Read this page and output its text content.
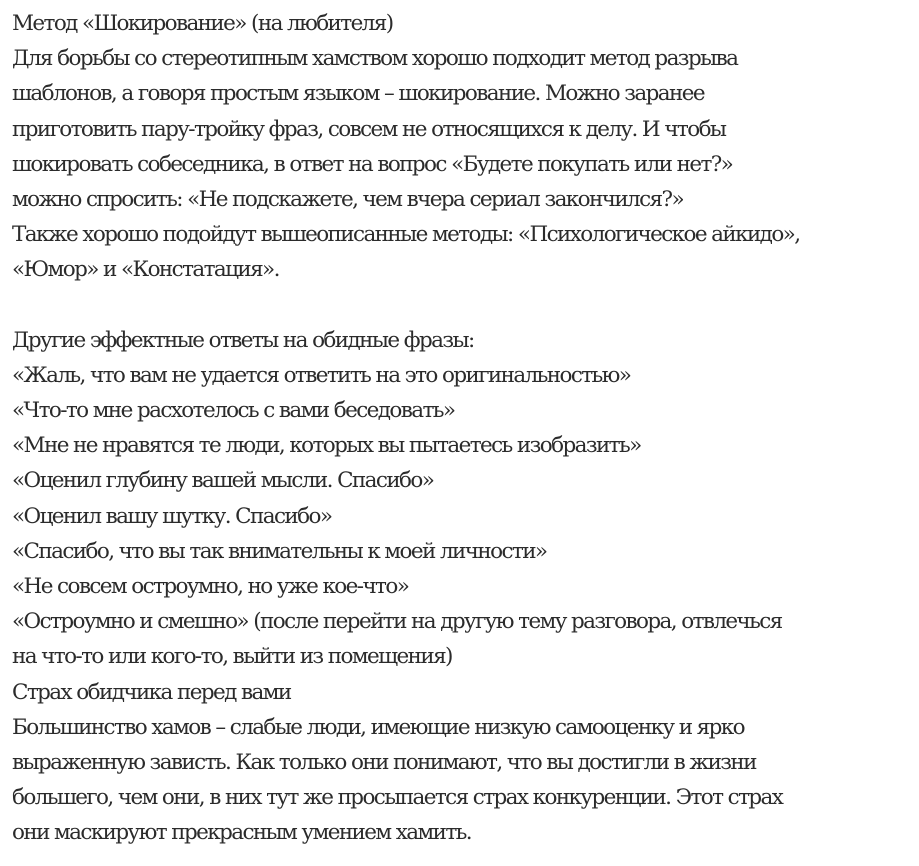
Метод «Шокирование» (на любителя)
Для борьбы со стереотипным хамством хорошо подходит метод разрыва
шаблонов, а говоря простым языком – шокирование. Можно заранее
приготовить пару-тройку фраз, совсем не относящихся к делу. И чтобы
шокировать собеседника, в ответ на вопрос «Будете покупать или нет?»
можно спросить: «Не подскажете, чем вчера сериал закончился?»
Также хорошо подойдут вышеописанные методы: «Психологическое айкидо»,
«Юмор» и «Констатация».
Другие эффектные ответы на обидные фразы:
«Жаль, что вам не удается ответить на это оригинальностью»
«Что-то мне расхотелось с вами беседовать»
«Мне не нравятся те люди, которых вы пытаетесь изобразить»
«Оценил глубину вашей мысли. Спасибо»
«Оценил вашу шутку. Спасибо»
«Спасибо, что вы так внимательны к моей личности»
«Не совсем остроумно, но уже кое-что»
«Остроумно и смешно» (после перейти на другую тему разговора, отвлечься
на что-то или кого-то, выйти из помещения)
Страх обидчика перед вами
Большинство хамов – слабые люди, имеющие низкую самооценку и ярко
выраженную зависть. Как только они понимают, что вы достигли в жизни
большего, чем они, в них тут же просыпается страх конкуренции. Этот страх
они маскируют прекрасным умением хамить.
